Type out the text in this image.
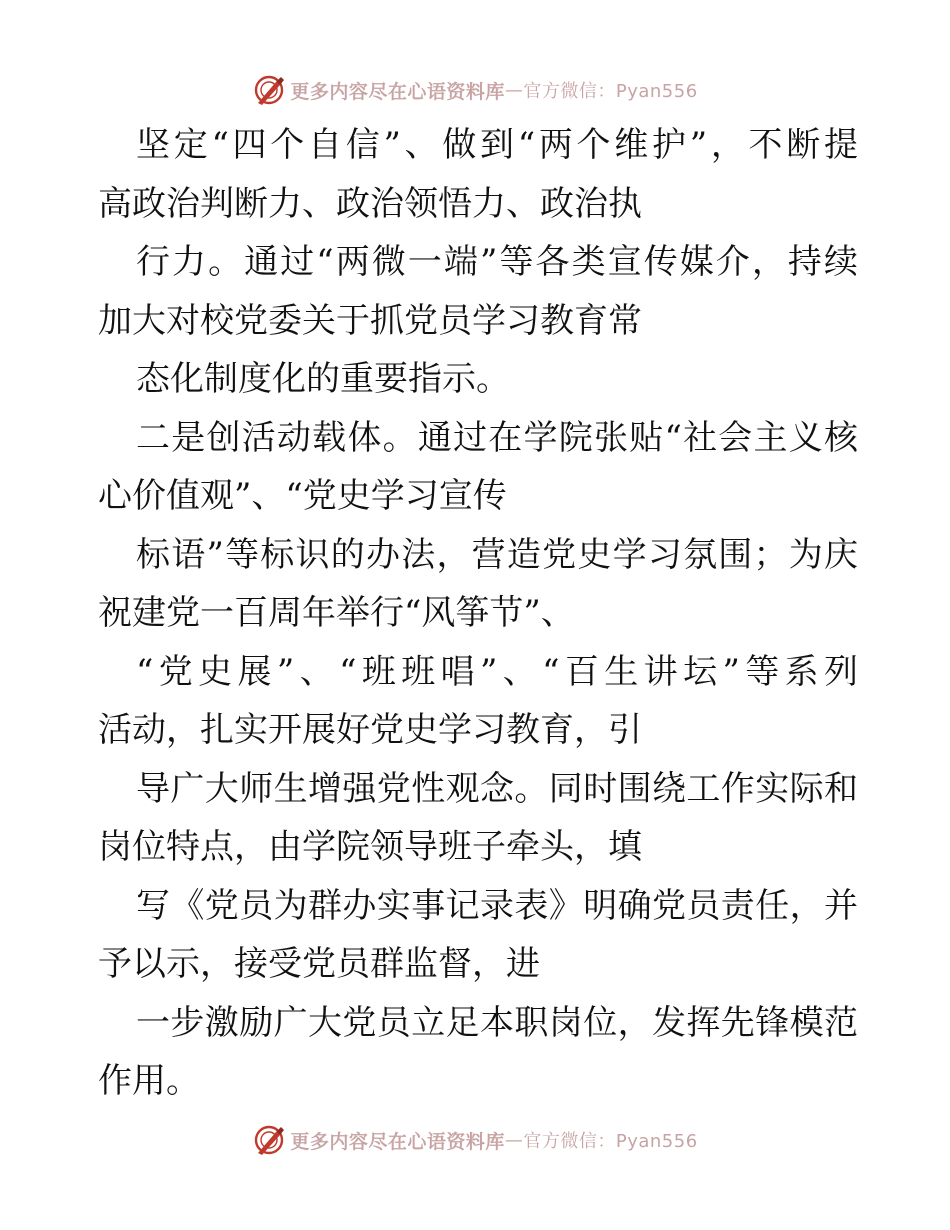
更多内容尽在心语资料库 — 官方微信：Pyan556
坚定“四个自信”、做到“两个维护”，不断提
高政治判断力、政治领悟力、政治执
行力。通过“两微一端”等各类宣传媒介，持续
加大对校党委关于抓党员学习教育常
态化制度化的重要指示。
二是创活动载体。通过在学院张贴“社会主义核
心价值观”、“党史学习宣传
标语”等标识的办法，营造党史学习氛围；为庆
祝建党一百周年举行“风筝节”、
“党史展”、“班班唱”、“百生讲坛”等系列
活动，扎实开展好党史学习教育，引
导广大师生增强党性观念。同时围绕工作实际和
岗位特点，由学院领导班子牵头，填
写《党员为群办实事记录表》明确党员责任，并
予以示，接受党员群监督，进
一步激励广大党员立足本职岗位，发挥先锋模范
作用。
更多内容尽在心语资料库 — 官方微信：Pyan556
